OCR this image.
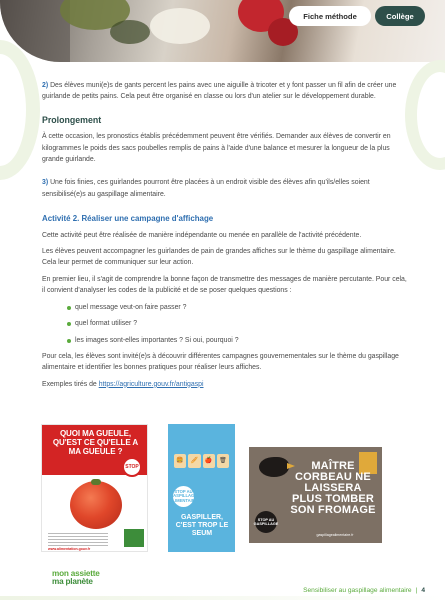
Fiche méthode	Collège

2) Des élèves muni(e)s de gants percent les pains avec une aiguille à tricoter et y font passer un fil afin de créer une guirlande de petits pains. Cela peut être organisé en classe ou lors d'un atelier sur le développement durable.

Prolongement

À cette occasion, les pronostics établis précédemment peuvent être vérifiés. Demander aux élèves de convertir en kilogrammes le poids des sacs poubelles remplis de pains à l'aide d'une balance et mesurer la longueur de la plus grande guirlande.

3) Une fois finies, ces guirlandes pourront être placées à un endroit visible des élèves afin qu'ils/elles soient sensibilisé(e)s au gaspillage alimentaire.

Activité 2. Réaliser une campagne d'affichage

Cette activité peut être réalisée de manière indépendante ou menée en parallèle de l'activité précédente.

Les élèves peuvent accompagner les guirlandes de pain de grandes affiches sur le thème du gaspillage alimentaire. Cela leur permet de communiquer sur leur action.

En premier lieu, il s'agit de comprendre la bonne façon de transmettre des messages de manière percutante. Pour cela, il convient d'analyser les codes de la publicité et de se poser quelques questions :

quel message veut-on faire passer ?
quel format utiliser ?
les images sont-elles importantes ? Si oui, pourquoi ?

Pour cela, les élèves sont invité(e)s à découvrir différentes campagnes gouvernementales sur le thème du gaspillage alimentaire et identifier les bonnes pratiques pour réaliser leurs affiches.

Exemples tirés de https://agriculture.gouv.fr/antigaspi

QUOI MA GUEULE, QU'EST CE QU'ELLE A MA GUEULE ?
STOP
www.alimentation.gouv.fr
🍔	🥖	🍎	🗑
STOP AU GASPILLAGE ALIMENTAIRE
GASPILLER, C'EST TROP LE SEUM
MAÎTRE CORBEAU NE LAISSERA PLUS TOMBER SON FROMAGE
STOP AU GASPILLAGE
gaspillagealimentaire.fr
mon assiette
ma planète
Sensibiliser au gaspillage alimentaire | 4
